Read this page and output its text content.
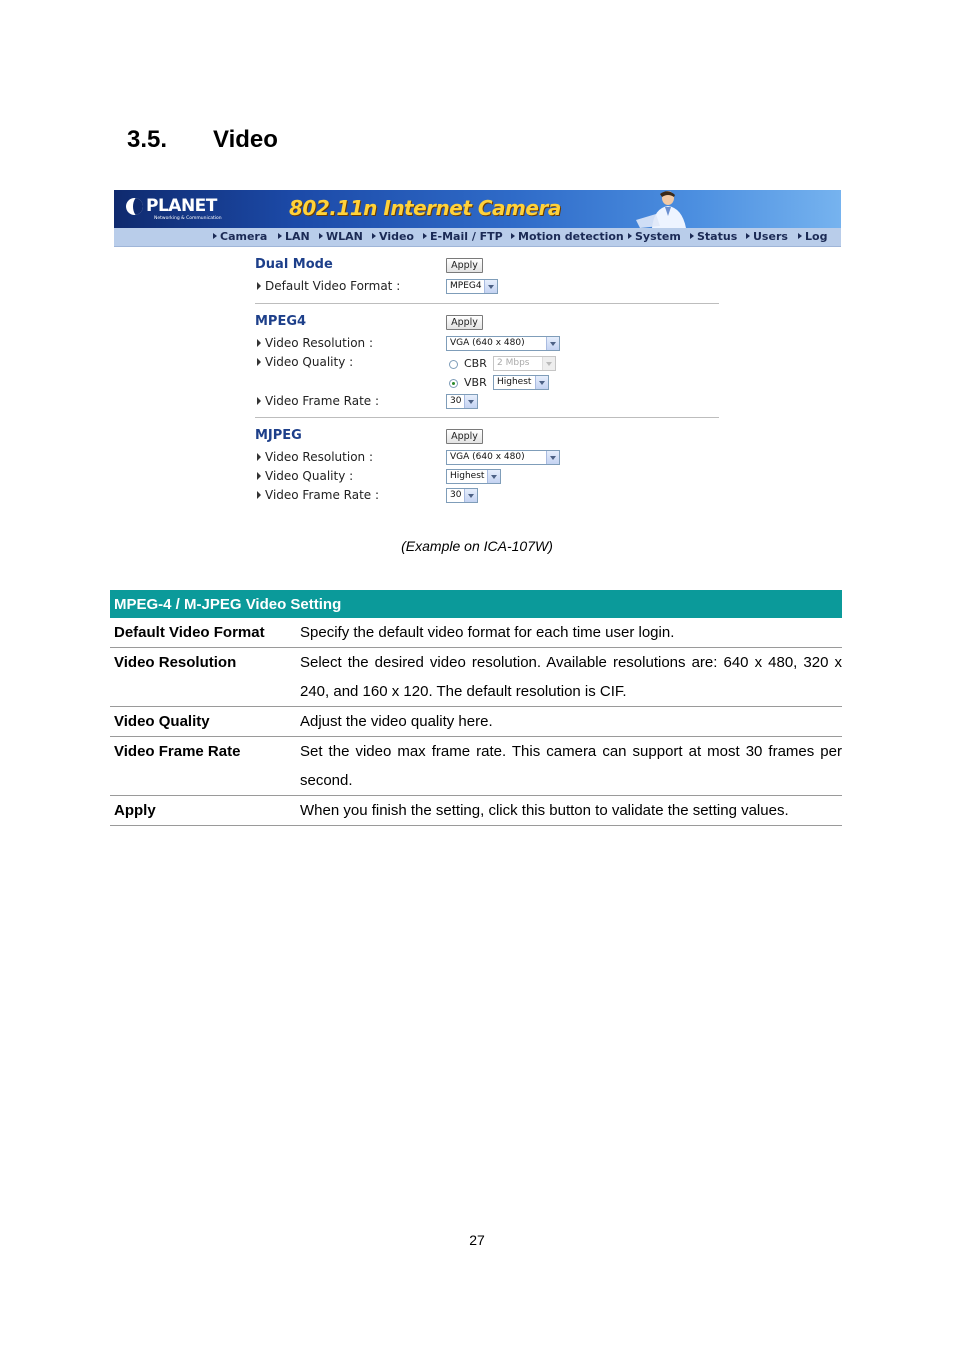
3.5. Video
PLANET
Networking & Communication	802.11n Internet Camera
Camera	LAN	WLAN	Video	E-Mail / FTP	Motion detection	System	Status	Users	Log
Dual Mode	Apply
Default Video Format :	MPEG4
MPEG4	Apply
Video Resolution :	VGA (640 x 480)
Video Quality :	CBR	2 Mbps
VBR	Highest
Video Frame Rate :	30
MJPEG	Apply
Video Resolution :	VGA (640 x 480)
Video Quality :	Highest
Video Frame Rate :	30
(Example on ICA-107W)
MPEG-4 / M-JPEG Video Setting
Default Video Format	Specify the default video format for each time user login.
Video Resolution	Select the desired video resolution. Available resolutions are: 640 x 480, 320 x 240, and 160 x 120. The default resolution is CIF.
Video Quality	Adjust the video quality here.
Video Frame Rate	Set the video max frame rate. This camera can support at most 30 frames per second.
Apply	When you finish the setting, click this button to validate the setting values.
27
